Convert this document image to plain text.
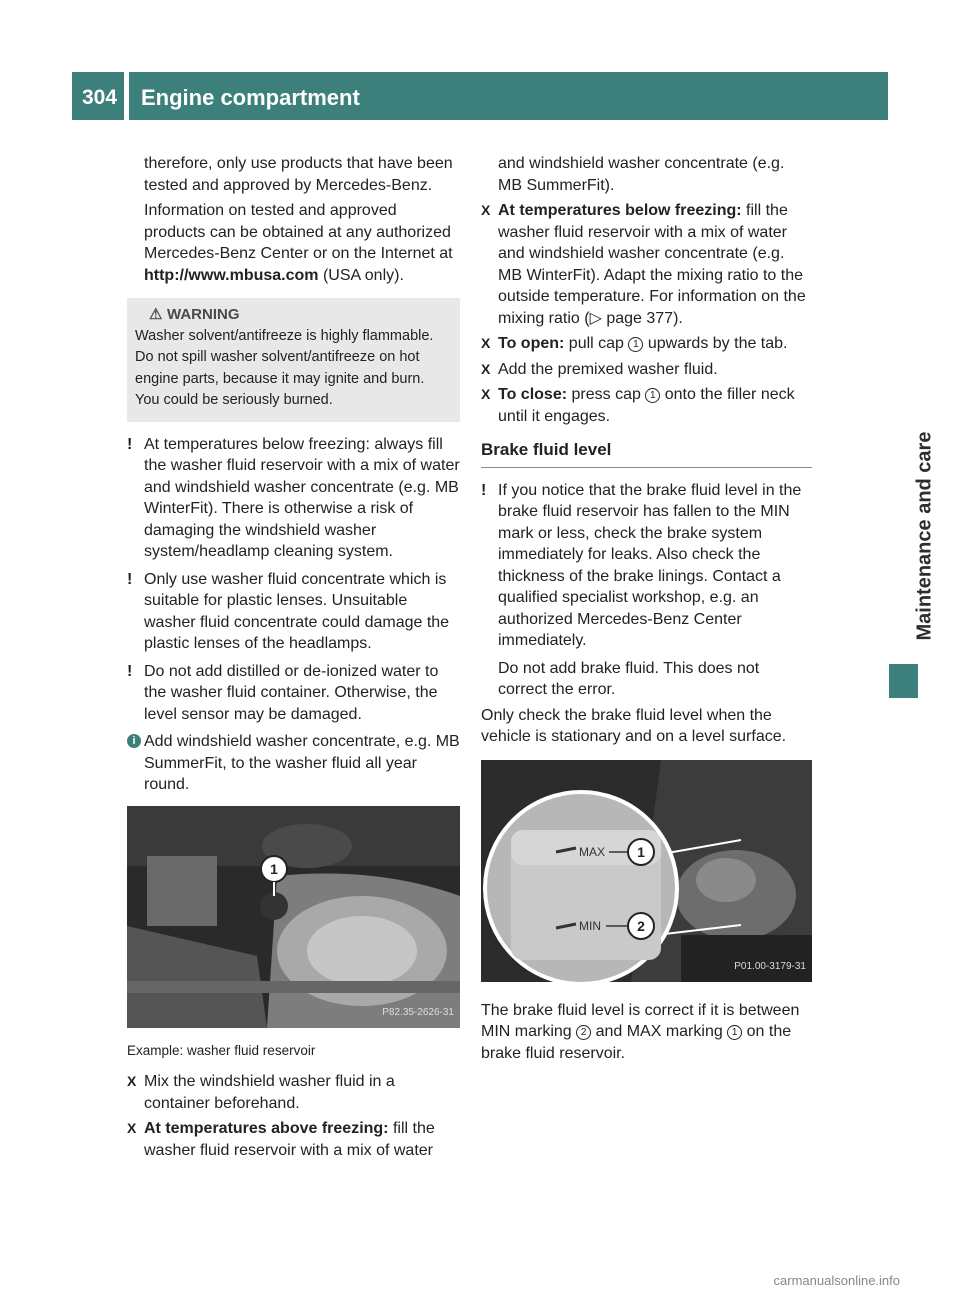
304 Engine compartment
Maintenance and care

therefore, only use products that have been tested and approved by Mercedes-Benz.

Information on tested and approved products can be obtained at any authorized Mercedes-Benz Center or on the Internet at http://www.mbusa.com (USA only).

⚠ WARNING
Washer solvent/antifreeze is highly flammable. Do not spill washer solvent/antifreeze on hot engine parts, because it may ignite and burn. You could be seriously burned.
! At temperatures below freezing: always fill the washer fluid reservoir with a mix of water and windshield washer concentrate (e.g. MB WinterFit). There is otherwise a risk of damaging the windshield washer system/headlamp cleaning system.
! Only use washer fluid concentrate which is suitable for plastic lenses. Unsuitable washer fluid concentrate could damage the plastic lenses of the headlamps.
! Do not add distilled or de-ionized water to the washer fluid container. Otherwise, the level sensor may be damaged.
i Add windshield washer concentrate, e.g. MB SummerFit, to the washer fluid all year round.
1
P82.35-2626-31
Example: washer fluid reservoir
X Mix the windshield washer fluid in a container beforehand.
X At temperatures above freezing: fill the washer fluid reservoir with a mix of water

and windshield washer concentrate (e.g. MB SummerFit).

X At temperatures below freezing: fill the washer fluid reservoir with a mix of water and windshield washer concentrate (e.g. MB WinterFit). Adapt the mixing ratio to the outside temperature. For information on the mixing ratio (▷ page 377).
X To open: pull cap 1 upwards by the tab.
X Add the premixed washer fluid.
X To close: press cap 1 onto the filler neck until it engages.
Brake fluid level
! If you notice that the brake fluid level in the brake fluid reservoir has fallen to the MIN mark or less, check the brake system immediately for leaks. Also check the thickness of the brake linings. Contact a qualified specialist workshop, e.g. an authorized Mercedes-Benz Center immediately.

Do not add brake fluid. This does not correct the error.

Only check the brake fluid level when the vehicle is stationary and on a level surface.

MAX
MIN
1
2
P01.00-3179-31

The brake fluid level is correct if it is between MIN marking 2 and MAX marking 1 on the brake fluid reservoir.

carmanualsonline.info
